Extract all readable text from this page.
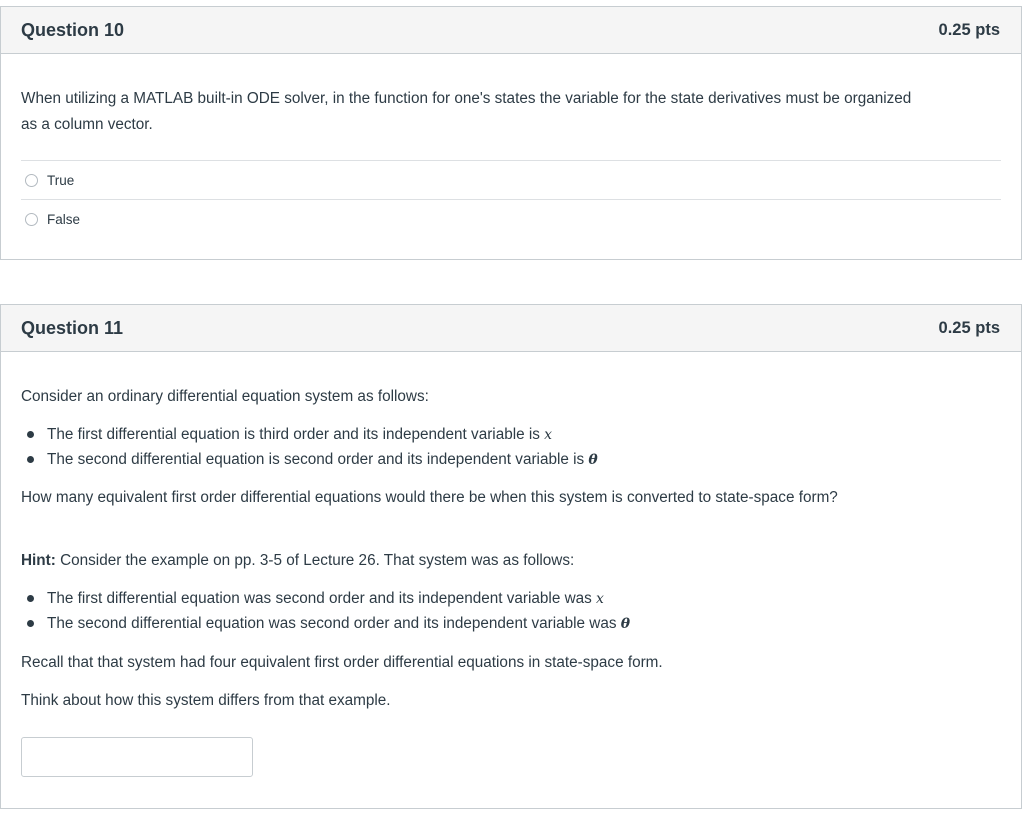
Question 10	0.25 pts
When utilizing a MATLAB built-in ODE solver, in the function for one's states the variable for the state derivatives must be organized
as a column vector.
True
False
Question 11	0.25 pts
Consider an ordinary differential equation system as follows:
The first differential equation is third order and its independent variable is x
The second differential equation is second order and its independent variable is θ
How many equivalent first order differential equations would there be when this system is converted to state-space form?
Hint: Consider the example on pp. 3-5 of Lecture 26. That system was as follows:
The first differential equation was second order and its independent variable was x
The second differential equation was second order and its independent variable was θ
Recall that that system had four equivalent first order differential equations in state-space form.
Think about how this system differs from that example.
